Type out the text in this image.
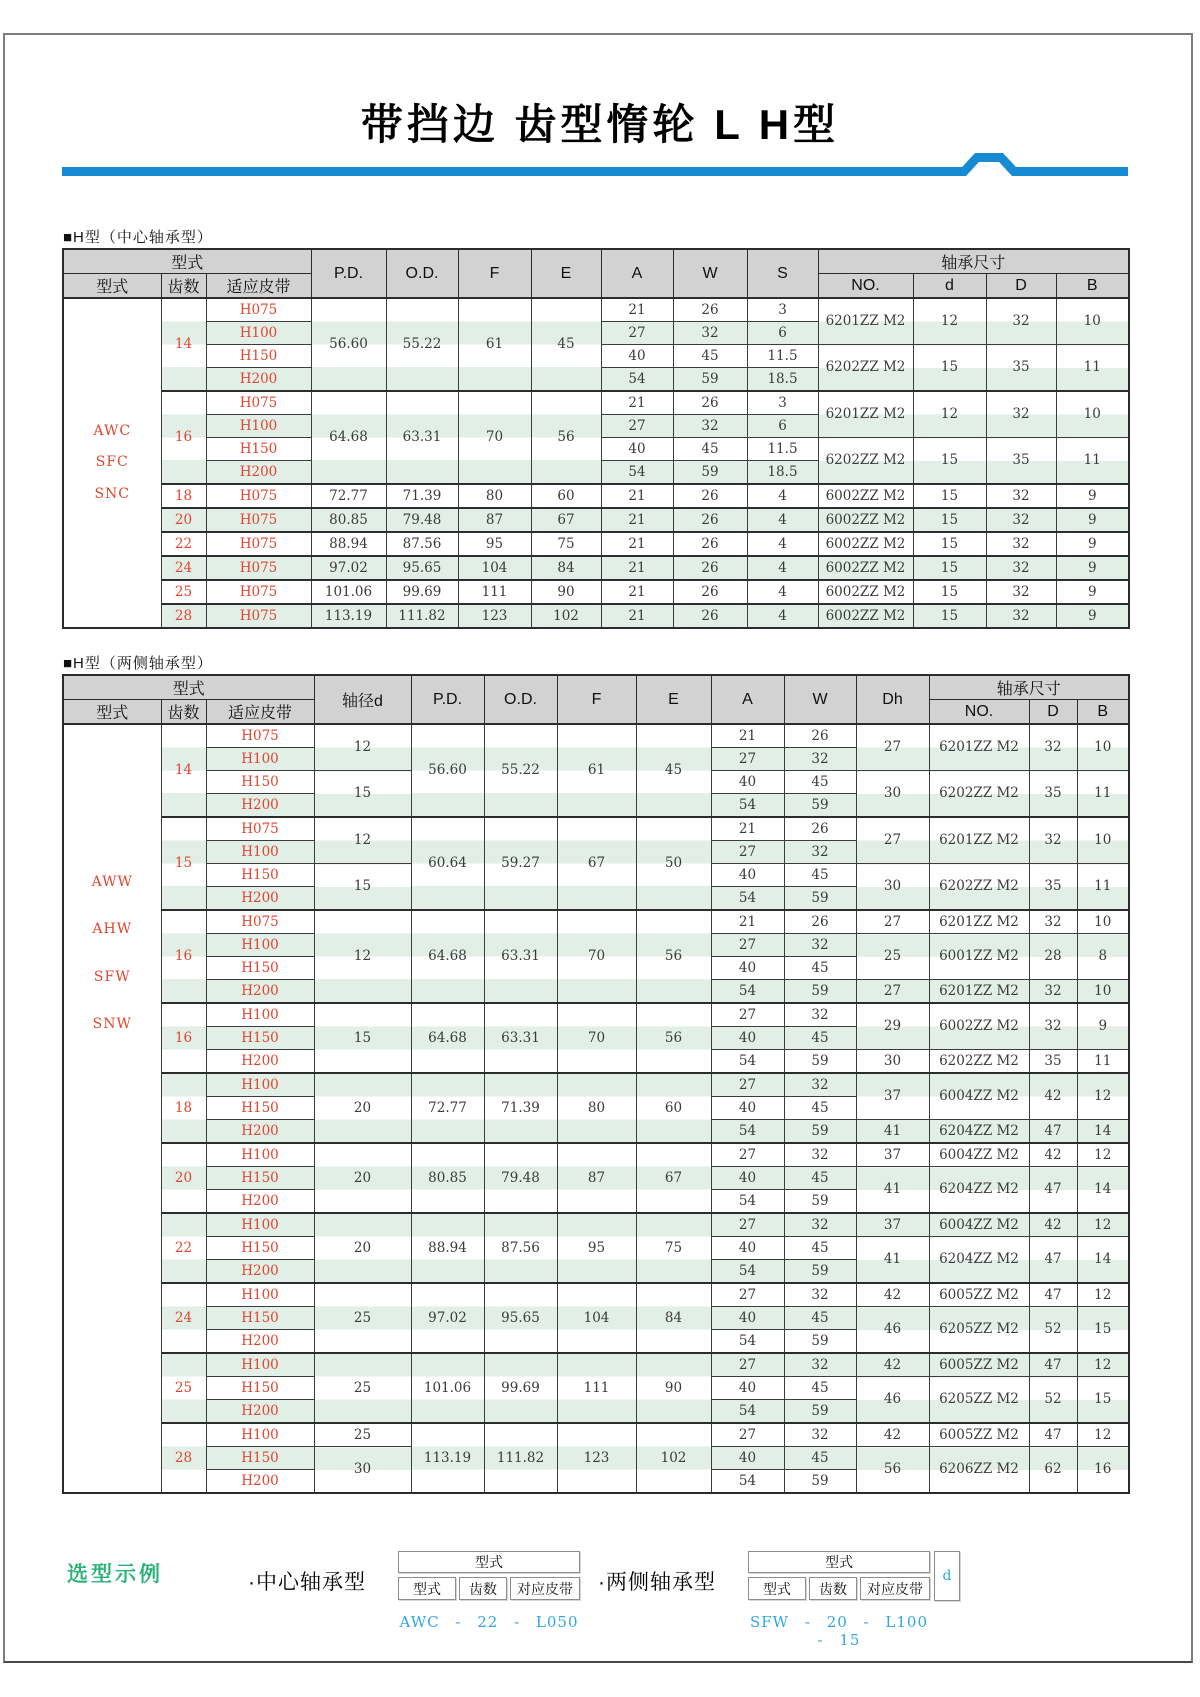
带挡边 齿型惰轮 L H型
■H型（中心轴承型）
型式			P.D.	O.D.	F	E	A	W	S	轴承尺寸			
型式	齿数	适应皮带								NO.	d	D	B

AWC
SFC
SNC	14	H075	56.60	55.22	61	45	21	26	3	6201ZZ M2	12	32	10
		H100					27	32	6				
		H150					40	45	11.5	6202ZZ M2	15	35	11
		H200					54	59	18.5				
	16	H075	64.68	63.31	70	56	21	26	3	6201ZZ M2	12	32	10
		H100					27	32	6				
		H150					40	45	11.5	6202ZZ M2	15	35	11
		H200					54	59	18.5				
	18	H075	72.77	71.39	80	60	21	26	4	6002ZZ M2	15	32	9
	20	H075	80.85	79.48	87	67	21	26	4	6002ZZ M2	15	32	9
	22	H075	88.94	87.56	95	75	21	26	4	6002ZZ M2	15	32	9
	24	H075	97.02	95.65	104	84	21	26	4	6002ZZ M2	15	32	9
	25	H075	101.06	99.69	111	90	21	26	4	6002ZZ M2	15	32	9
	28	H075	113.19	111.82	123	102	21	26	4	6002ZZ M2	15	32	9
■H型（两侧轴承型）
型式			轴径d	P.D.	O.D.	F	E	A	W	Dh	轴承尺寸		
型式	齿数	适应皮带									NO.	D	B

AWW
AHW
SFW
SNW	14	H075	12	56.60	55.22	61	45	21	26	27	6201ZZ M2	32	10
		H100						27	32				
		H150	15					40	45	30	6202ZZ M2	35	11
		H200						54	59				
	15	H075	12	60.64	59.27	67	50	21	26	27	6201ZZ M2	32	10
		H100						27	32				
		H150	15					40	45	30	6202ZZ M2	35	11
		H200						54	59				
	16	H075	12	64.68	63.31	70	56	21	26	27	6201ZZ M2	32	10
		H100						27	32	25	6001ZZ M2	28	8
		H150						40	45				
		H200						54	59	27	6201ZZ M2	32	10
	16	H100	15	64.68	63.31	70	56	27	32	29	6002ZZ M2	32	9
		H150						40	45				
		H200						54	59	30	6202ZZ M2	35	11
	18	H100	20	72.77	71.39	80	60	27	32	37	6004ZZ M2	42	12
		H150						40	45				
		H200						54	59	41	6204ZZ M2	47	14
	20	H100	20	80.85	79.48	87	67	27	32	37	6004ZZ M2	42	12
		H150						40	45	41	6204ZZ M2	47	14
		H200						54	59				
	22	H100	20	88.94	87.56	95	75	27	32	37	6004ZZ M2	42	12
		H150						40	45	41	6204ZZ M2	47	14
		H200						54	59				
	24	H100	25	97.02	95.65	104	84	27	32	42	6005ZZ M2	47	12
		H150						40	45	46	6205ZZ M2	52	15
		H200						54	59				
	25	H100	25	101.06	99.69	111	90	27	32	42	6005ZZ M2	47	12
		H150						40	45	46	6205ZZ M2	52	15
		H200						54	59				
	28	H100	25	113.19	111.82	123	102	27	32	42	6005ZZ M2	47	12
		H150	30					40	45	56	6206ZZ M2	62	16
		H200						54	59				
选型示例	·中心轴承型
型式
型式	齿数	对应皮带
AWC - 22 - L050
·两侧轴承型	d
型式
型式	齿数	对应皮带
SFW - 20 - L100 - 15
